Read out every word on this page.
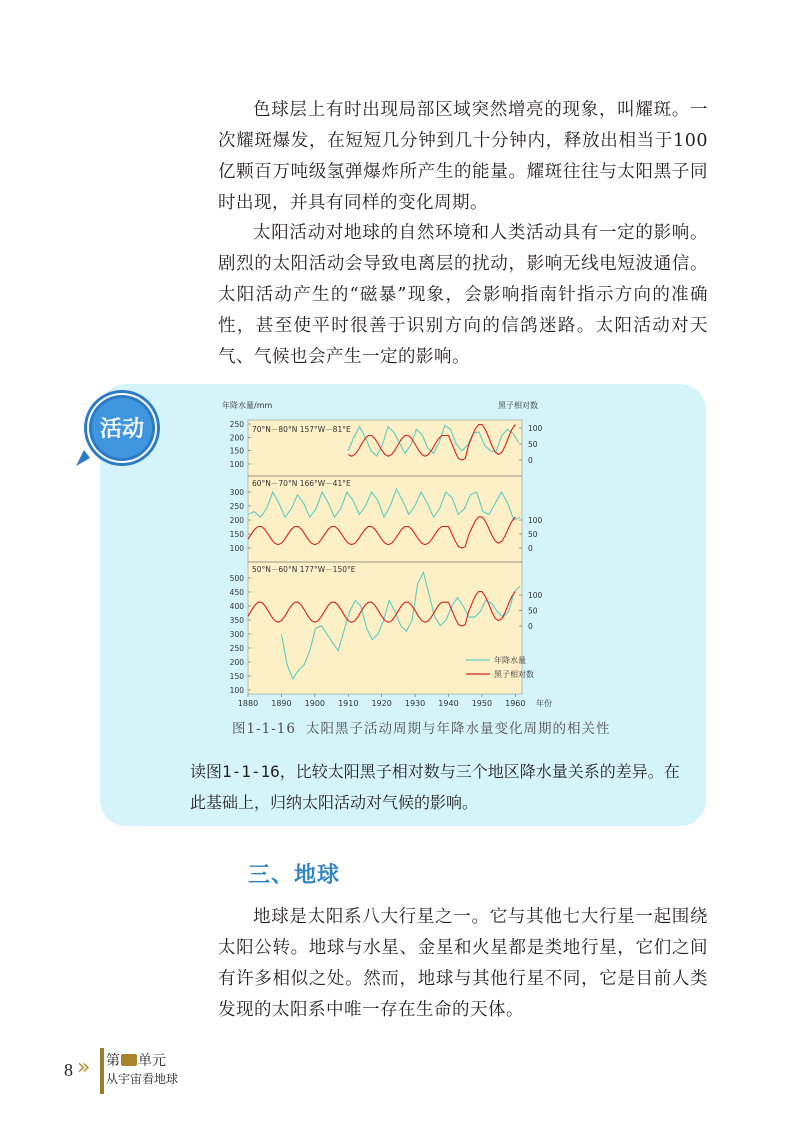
色球层上有时出现局部区域突然增亮的现象，叫耀斑。一次耀斑爆发，在短短几分钟到几十分钟内，释放出相当于100亿颗百万吨级氢弹爆炸所产生的能量。耀斑往往与太阳黑子同时出现，并具有同样的变化周期。

太阳活动对地球的自然环境和人类活动具有一定的影响。剧烈的太阳活动会导致电离层的扰动，影响无线电短波通信。太阳活动产生的“磁暴”现象，会影响指南针指示方向的准确性，甚至使平时很善于识别方向的信鸽迷路。太阳活动对天气、气候也会产生一定的影响。

活动
年降水量/mm	黑子相对数
70°N－80°N 157°W－81°E
100
150
200
250
0
50
100
60°N－70°N 166°W－41°E
100
150
200
250
300
0
50
100
50°N－60°N 177°W－150°E
100
150
200
250
300
350
400
450
500
0
50
100
1880 1890 1900 1910 1920 1930 1940 1950 1960 年份
年降水量
黑子相对数

图1-1-16 太阳黑子活动周期与年降水量变化周期的相关性

读图1-1-16，比较太阳黑子相对数与三个地区降水量关系的差异。在
此基础上，归纳太阳活动对气候的影响。
三、地球

地球是太阳系八大行星之一。它与其他七大行星一起围绕太阳公转。地球与水星、金星和火星都是类地行星，它们之间有许多相似之处。然而，地球与其他行星不同，它是目前人类发现的太阳系中唯一存在生命的天体。

8 » 第 单元
从宇宙看地球
